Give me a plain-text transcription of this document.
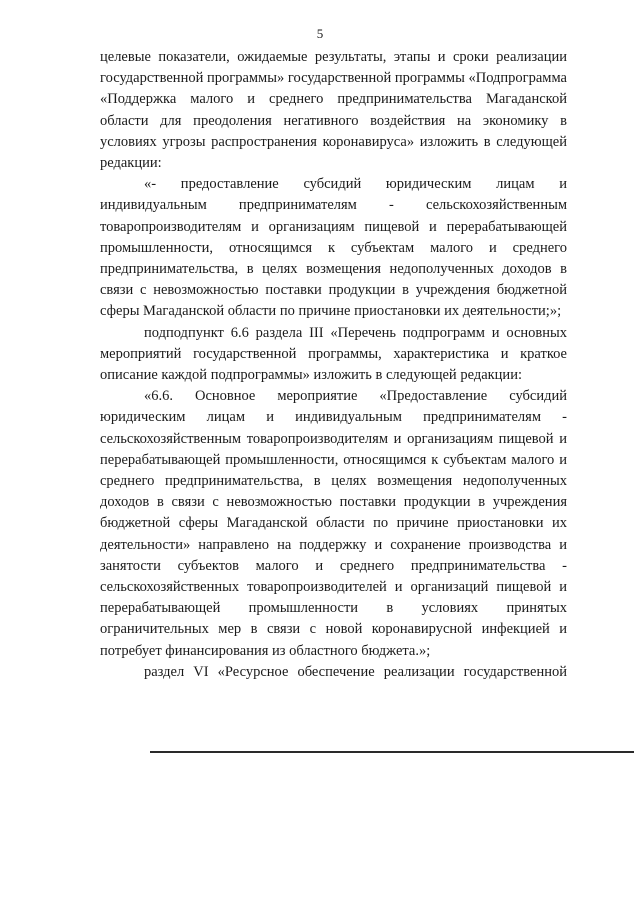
5

целевые показатели, ожидаемые результаты, этапы и сроки реализации государственной программы» государственной программы «Подпрограмма «Поддержка малого и среднего предпринимательства Магаданской области для преодоления негативного воздействия на экономику в условиях угрозы распространения коронавируса» изложить в следующей редакции:

«- предоставление субсидий юридическим лицам и индивидуальным предпринимателям - сельскохозяйственным товаропроизводителям и организациям пищевой и перерабатывающей промышленности, относящимся к субъектам малого и среднего предпринимательства, в целях возмещения недополученных доходов в связи с невозможностью поставки продукции в учреждения бюджетной сферы Магаданской области по причине приостановки их деятельности;»;

подподпункт 6.6 раздела III «Перечень подпрограмм и основных мероприятий государственной программы, характеристика и краткое описание каждой подпрограммы» изложить в следующей редакции:

«6.6. Основное мероприятие «Предоставление субсидий юридическим лицам и индивидуальным предпринимателям - сельскохозяйственным товаропроизводителям и организациям пищевой и перерабатывающей промышленности, относящимся к субъектам малого и среднего предпринимательства, в целях возмещения недополученных доходов в связи с невозможностью поставки продукции в учреждения бюджетной сферы Магаданской области по причине приостановки их деятельности» направлено на поддержку и сохранение производства и занятости субъектов малого и среднего предпринимательства - сельскохозяйственных товаропроизводителей и организаций пищевой и перерабатывающей промышленности в условиях принятых ограничительных мер в связи с новой коронавирусной инфекцией и потребует финансирования из областного бюджета.»;

раздел VI «Ресурсное обеспечение реализации государственной
